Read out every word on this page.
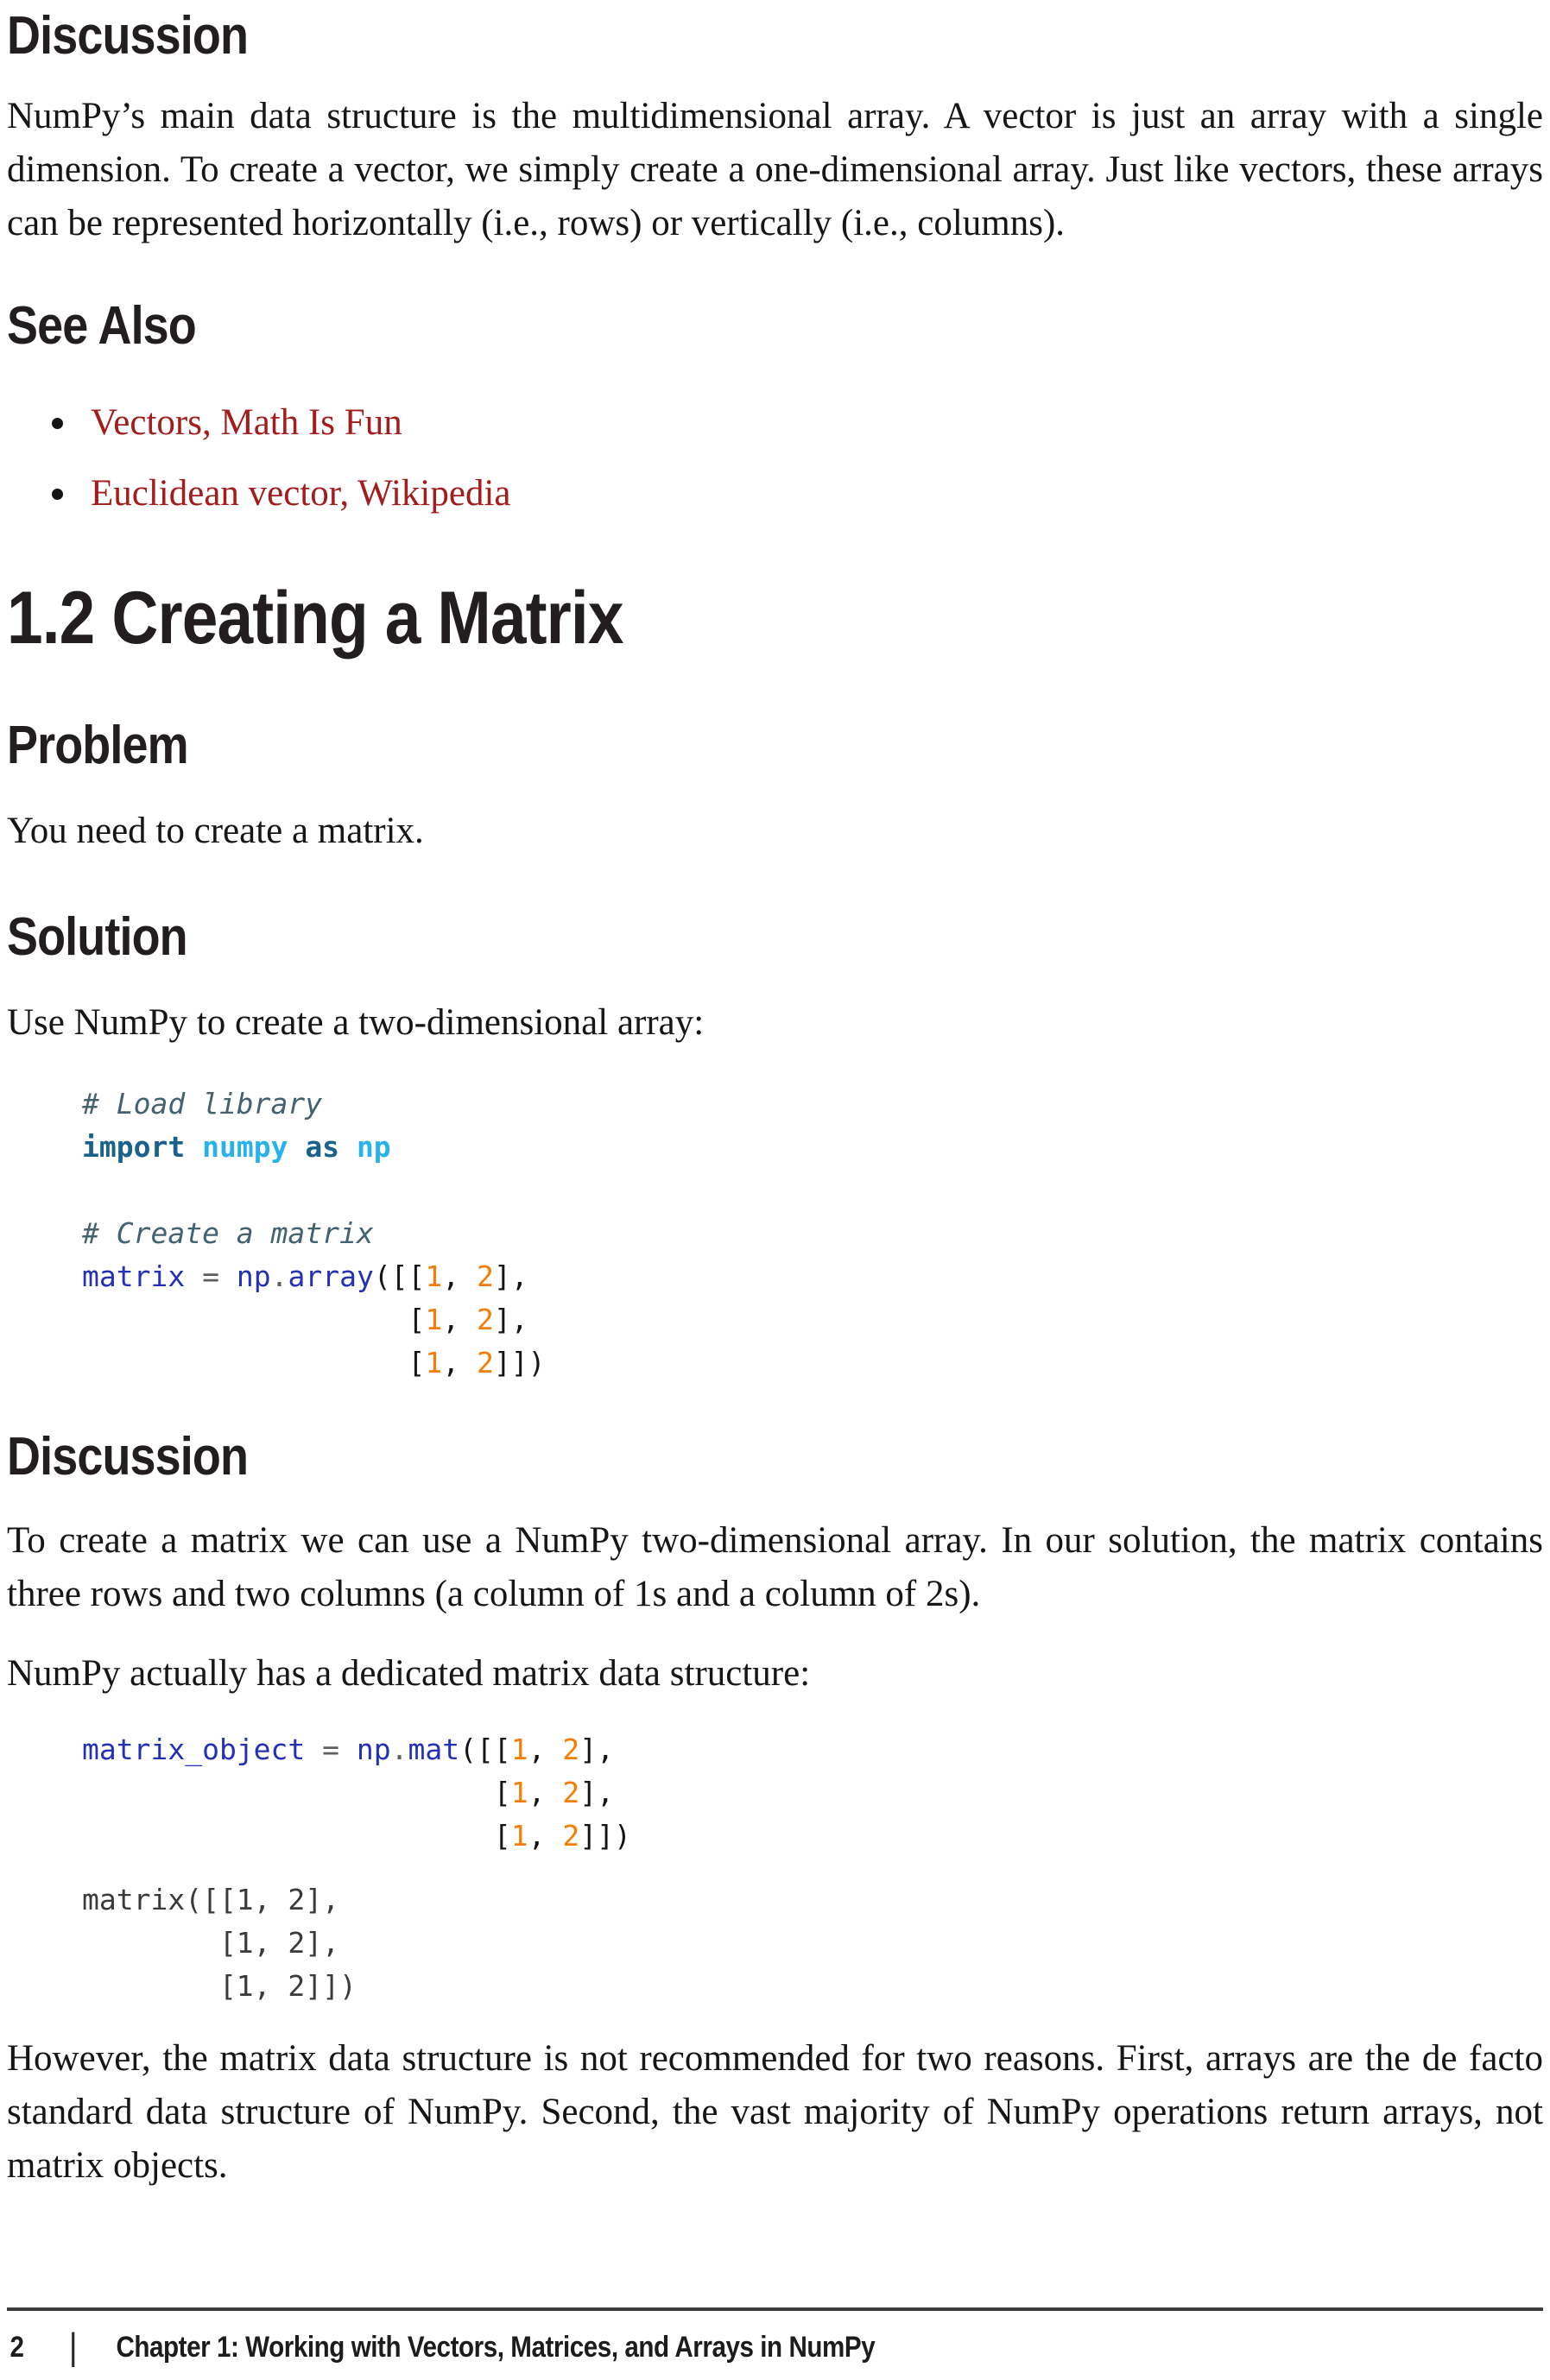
Discussion

NumPy’s main data structure is the multidimensional array. A vector is just an array with a single dimension. To create a vector, we simply create a one-dimensional array. Just like vectors, these arrays can be represented horizontally (i.e., rows) or vertically (i.e., columns).

See Also
Vectors, Math Is Fun
Euclidean vector, Wikipedia
1.2 Creating a Matrix
Problem

You need to create a matrix.

Solution

Use NumPy to create a two-dimensional array:

# Load library
import numpy as np

# Create a matrix
matrix = np.array([[1, 2],
[1, 2],
[1, 2]])
Discussion

To create a matrix we can use a NumPy two-dimensional array. In our solution, the matrix contains three rows and two columns (a column of 1s and a column of 2s).

NumPy actually has a dedicated matrix data structure:

matrix_object = np.mat([[1, 2],
[1, 2],
[1, 2]])
matrix([[1, 2],
[1, 2],
[1, 2]])

However, the matrix data structure is not recommended for two reasons. First, arrays are the de facto standard data structure of NumPy. Second, the vast majority of NumPy operations return arrays, not matrix objects.

2 | Chapter 1: Working with Vectors, Matrices, and Arrays in NumPy
